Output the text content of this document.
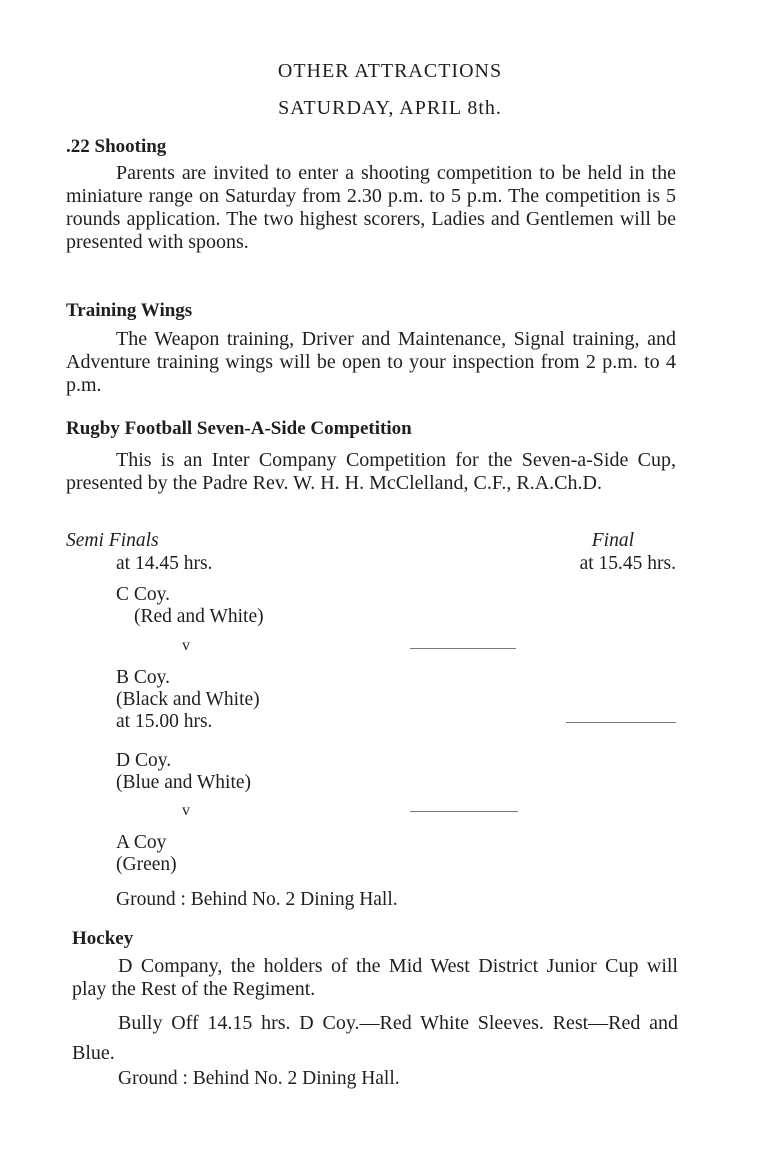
OTHER ATTRACTIONS
SATURDAY, APRIL 8th.
.22 Shooting
Parents are invited to enter a shooting competition to be held in the miniature range on Saturday from 2.30 p.m. to 5 p.m. The competition is 5 rounds application. The two highest scorers, Ladies and Gentlemen will be presented with spoons.
Training Wings
The Weapon training, Driver and Maintenance, Signal training, and Adventure training wings will be open to your inspection from 2 p.m. to 4 p.m.
Rugby Football Seven-A-Side Competition
This is an Inter Company Competition for the Seven-a-Side Cup, presented by the Padre Rev. W. H. H. McClelland, C.F., R.A.Ch.D.
Semi Finals
at 14.45 hrs.
Final
at 15.45 hrs.
C Coy.
(Red and White)
v
B Coy.
(Black and White)
at 15.00 hrs.
D Coy.
(Blue and White)
v
A Coy
(Green)
Ground : Behind No. 2 Dining Hall.
Hockey
D Company, the holders of the Mid West District Junior Cup will play the Rest of the Regiment.
Bully Off 14.15 hrs. D Coy.—Red White Sleeves. Rest—Red and Blue.
Ground : Behind No. 2 Dining Hall.
